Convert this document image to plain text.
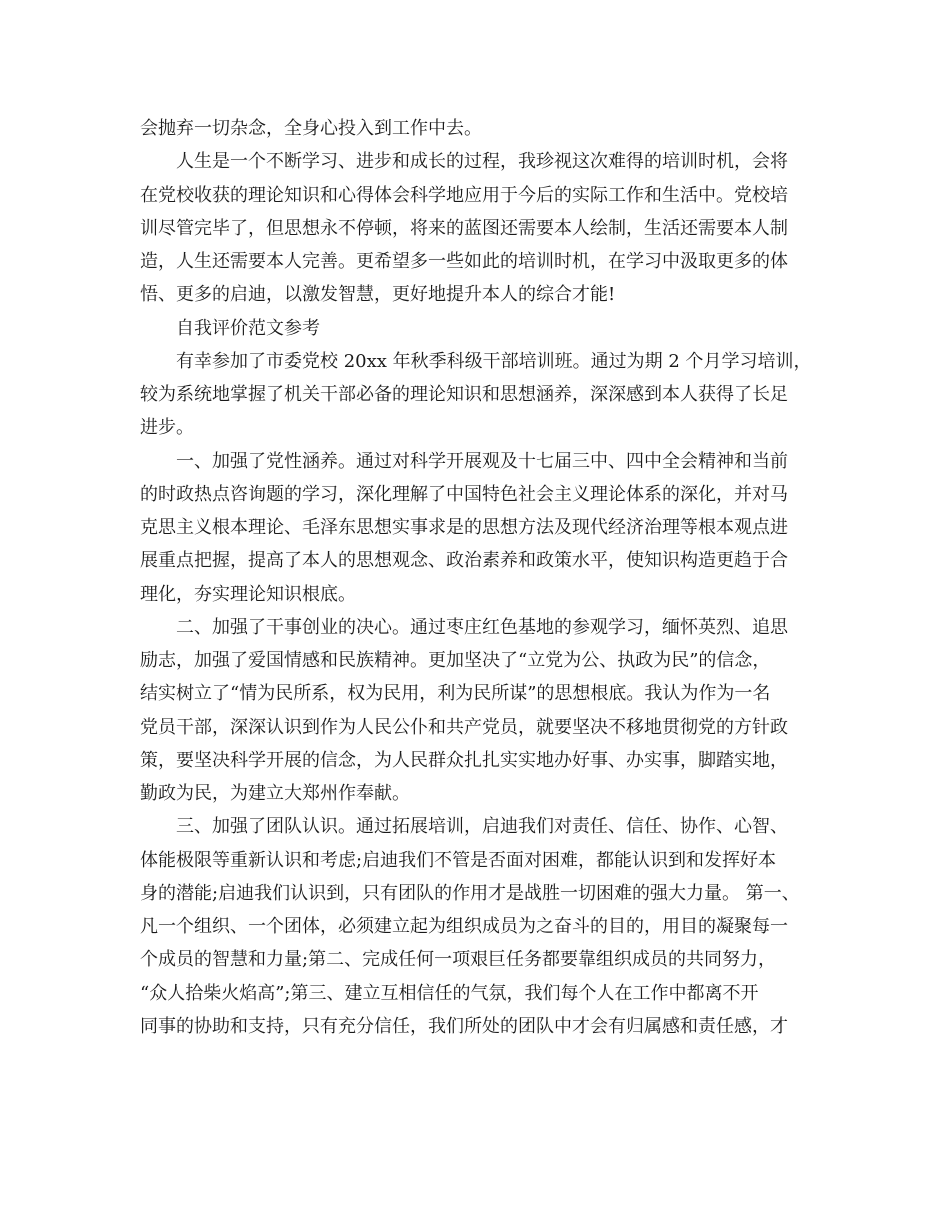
会抛弃一切杂念，全身心投入到工作中去。
人生是一个不断学习、进步和成长的过程，我珍视这次难得的培训时机，会将
在党校收获的理论知识和心得体会科学地应用于今后的实际工作和生活中。党校培
训尽管完毕了，但思想永不停顿，将来的蓝图还需要本人绘制，生活还需要本人制
造，人生还需要本人完善。更希望多一些如此的培训时机，在学习中汲取更多的体
悟、更多的启迪，以激发智慧，更好地提升本人的综合才能!
自我评价范文参考
有幸参加了市委党校 20xx 年秋季科级干部培训班。通过为期 2 个月学习培训，
较为系统地掌握了机关干部必备的理论知识和思想涵养，深深感到本人获得了长足
进步。
一、加强了党性涵养。通过对科学开展观及十七届三中、四中全会精神和当前
的时政热点咨询题的学习，深化理解了中国特色社会主义理论体系的深化，并对马
克思主义根本理论、毛泽东思想实事求是的思想方法及现代经济治理等根本观点进
展重点把握，提高了本人的思想观念、政治素养和政策水平，使知识构造更趋于合
理化，夯实理论知识根底。
二、加强了干事创业的决心。通过枣庄红色基地的参观学习，缅怀英烈、追思
励志，加强了爱国情感和民族精神。更加坚决了“立党为公、执政为民”的信念，
结实树立了“情为民所系，权为民用，利为民所谋”的思想根底。我认为作为一名
党员干部，深深认识到作为人民公仆和共产党员，就要坚决不移地贯彻党的方针政
策，要坚决科学开展的信念，为人民群众扎扎实实地办好事、办实事，脚踏实地，
勤政为民，为建立大郑州作奉献。
三、加强了团队认识。通过拓展培训，启迪我们对责任、信任、协作、心智、
体能极限等重新认识和考虑;启迪我们不管是否面对困难，都能认识到和发挥好本
身的潜能;启迪我们认识到，只有团队的作用才是战胜一切困难的强大力量。 第一、
凡一个组织、一个团体，必须建立起为组织成员为之奋斗的目的，用目的凝聚每一
个成员的智慧和力量;第二、完成任何一项艰巨任务都要靠组织成员的共同努力，
“众人拾柴火焰高”;第三、建立互相信任的气氛，我们每个人在工作中都离不开
同事的协助和支持，只有充分信任，我们所处的团队中才会有归属感和责任感，才
